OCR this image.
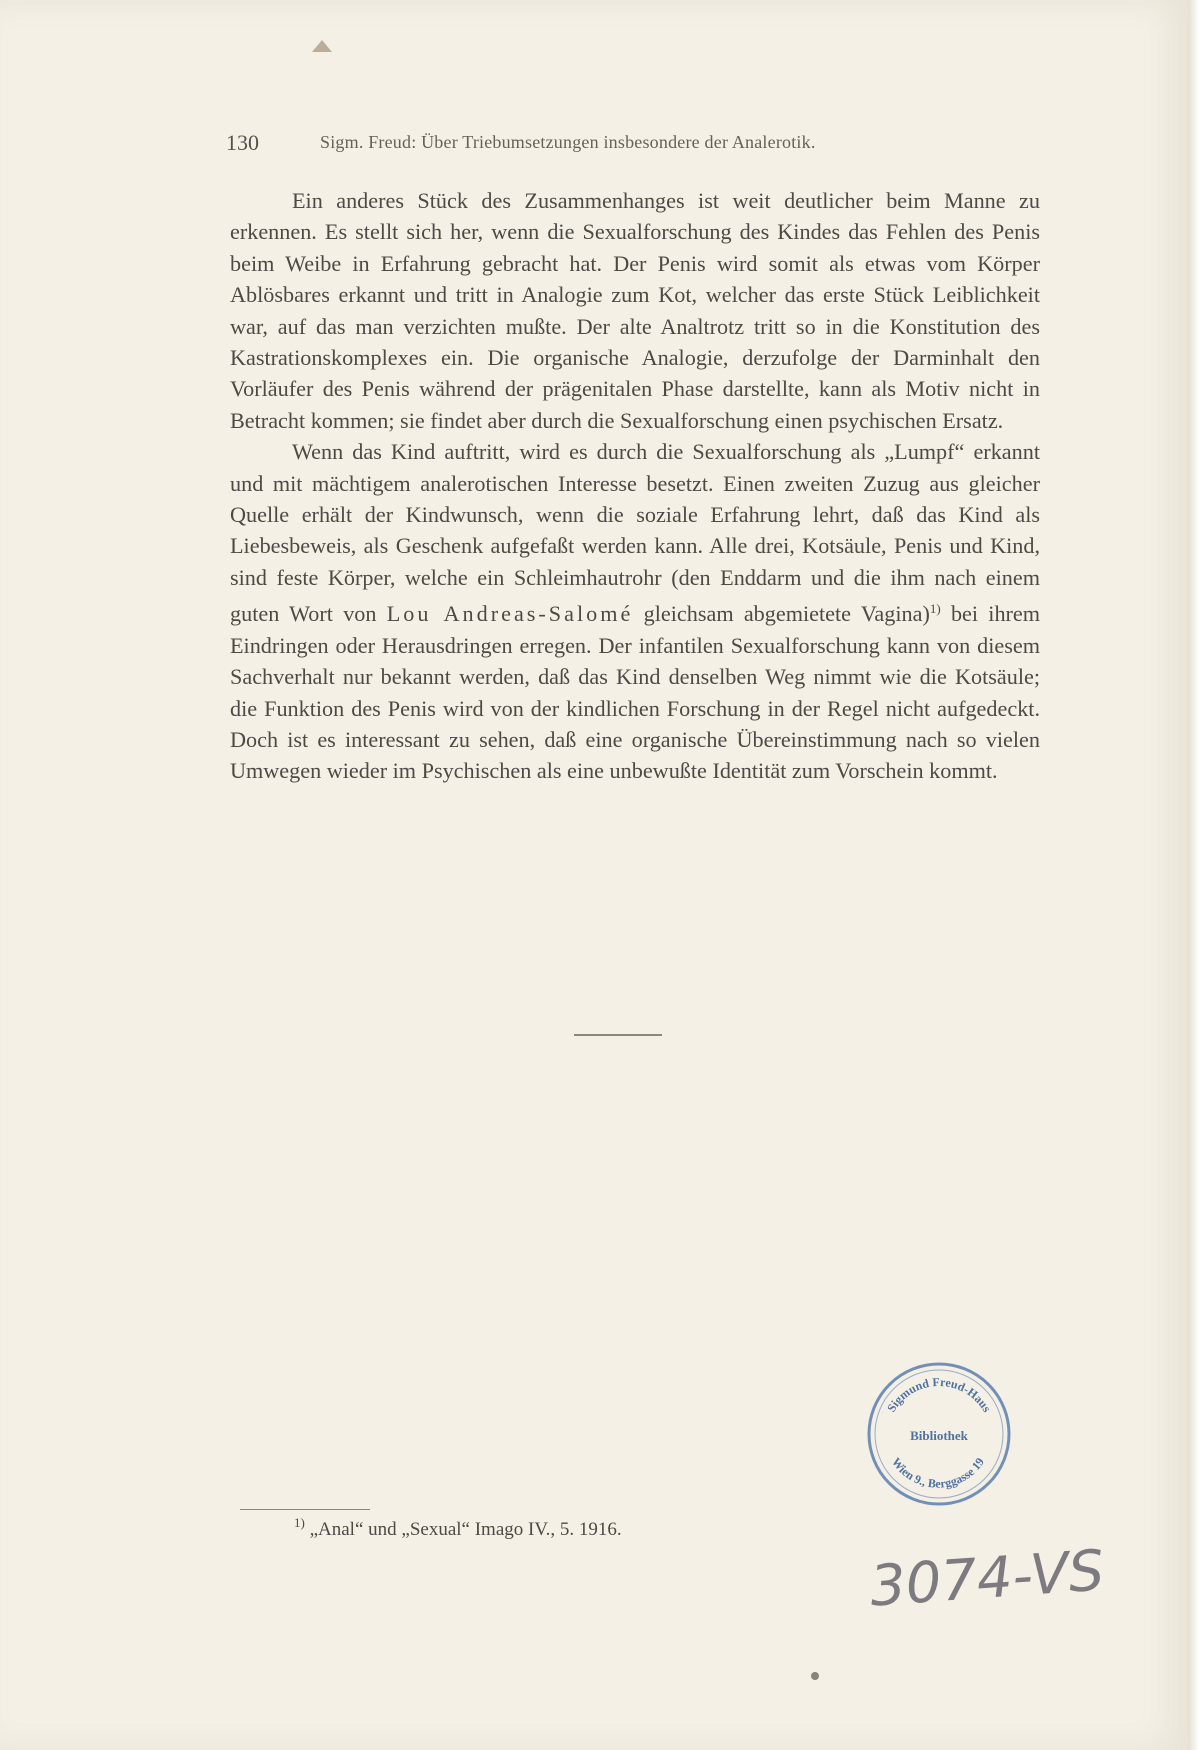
130	Sigm. Freud: Über Triebumsetzungen insbesondere der Analerotik.

Ein anderes Stück des Zusammenhanges ist weit deutlicher beim Manne zu erkennen. Es stellt sich her, wenn die Sexualforschung des Kindes das Fehlen des Penis beim Weibe in Erfahrung gebracht hat. Der Penis wird somit als etwas vom Körper Ablösbares erkannt und tritt in Analogie zum Kot, welcher das erste Stück Leiblichkeit war, auf das man verzichten mußte. Der alte Analtrotz tritt so in die Konstitution des Kastrationskomplexes ein. Die organische Analogie, derzufolge der Darminhalt den Vorläufer des Penis während der prägenitalen Phase darstellte, kann als Motiv nicht in Betracht kommen; sie findet aber durch die Sexualforschung einen psychischen Ersatz.

Wenn das Kind auftritt, wird es durch die Sexualforschung als „Lumpf“ erkannt und mit mächtigem analerotischen Interesse besetzt. Einen zweiten Zuzug aus gleicher Quelle erhält der Kindwunsch, wenn die soziale Erfahrung lehrt, daß das Kind als Liebesbeweis, als Geschenk aufgefaßt werden kann. Alle drei, Kotsäule, Penis und Kind, sind feste Körper, welche ein Schleimhautrohr (den Enddarm und die ihm nach einem guten Wort von Lou Andreas-Salomé gleichsam abgemietete Vagina)$^{1)}$ bei ihrem Eindringen oder Herausdringen erregen. Der infantilen Sexualforschung kann von diesem Sachverhalt nur bekannt werden, daß das Kind denselben Weg nimmt wie die Kotsäule; die Funktion des Penis wird von der kindlichen Forschung in der Regel nicht aufgedeckt. Doch ist es interessant zu sehen, daß eine organische Übereinstimmung nach so vielen Umwegen wieder im Psychischen als eine unbewußte Identität zum Vorschein kommt.

Sigmund Freud-Haus
Bibliothek
Wien 9., Berggasse 19
$^{1)}$ „Anal“ und „Sexual“ Imago IV., 5. 1916.
3074-VS
